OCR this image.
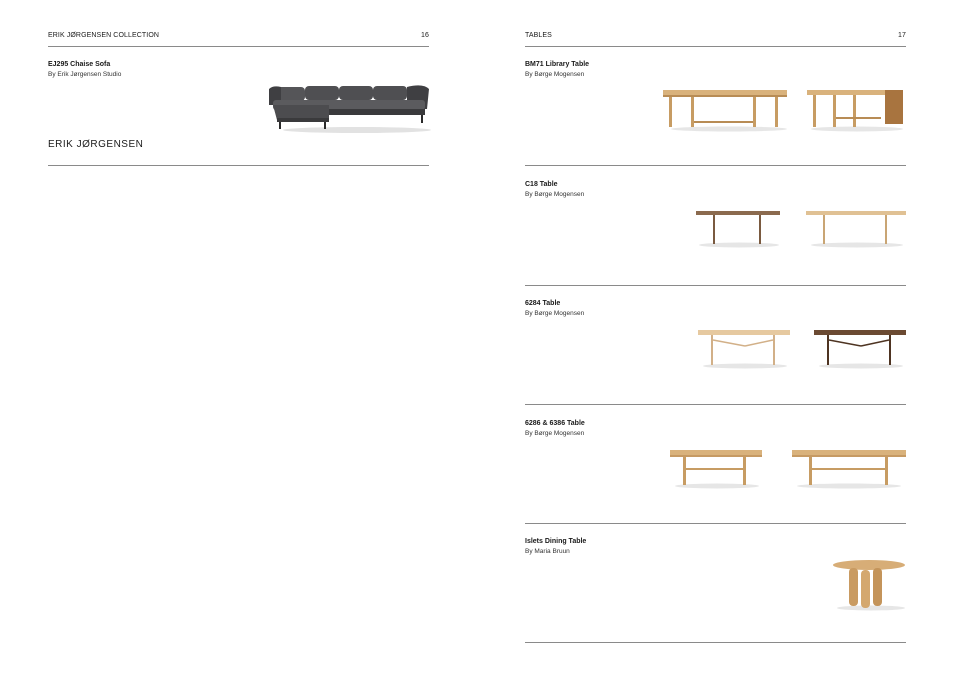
ERIK JØRGENSEN COLLECTION	16
EJ295 Chaise Sofa
By Erik Jørgensen Studio
ERIK JØRGENSEN
TABLES	17
BM71 Library Table
By Børge Mogensen
C18 Table
By Børge Mogensen
6284 Table
By Børge Mogensen
6286 & 6386 Table
By Børge Mogensen
Islets Dining Table
By Maria Bruun
